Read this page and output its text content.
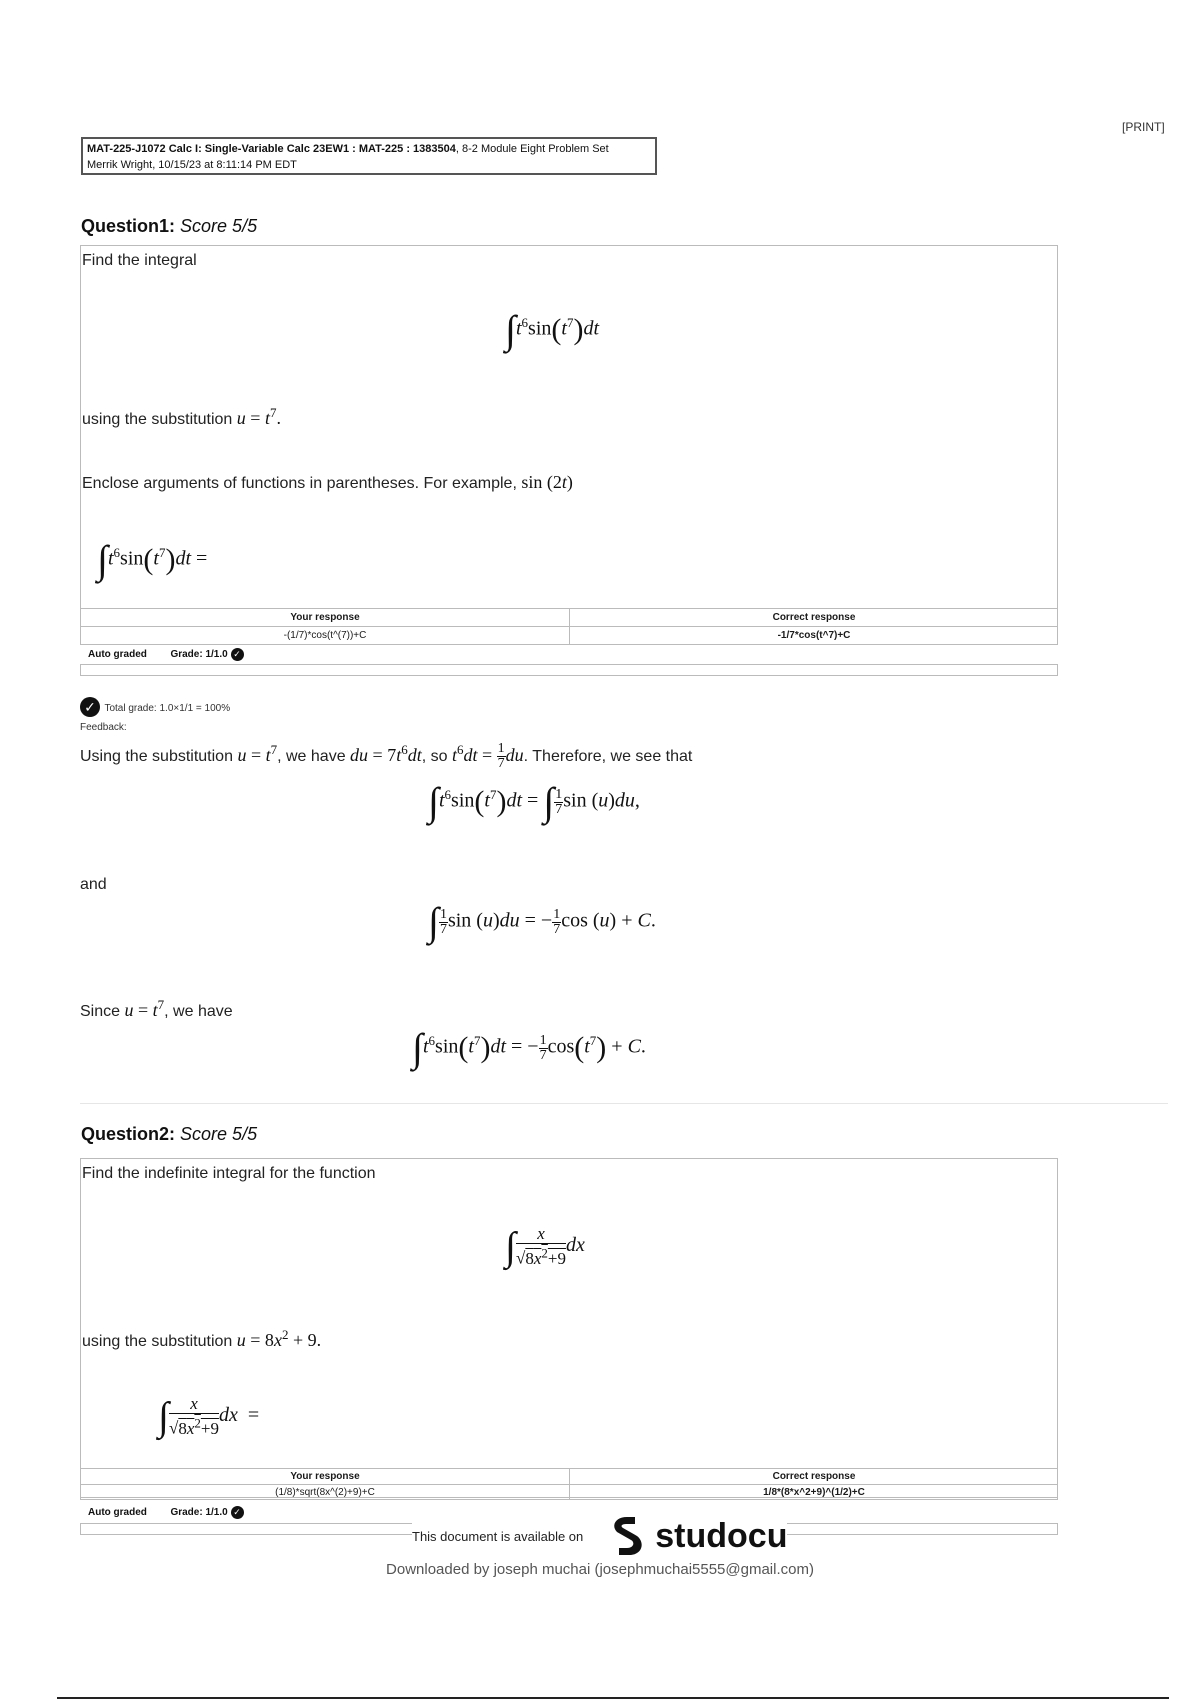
[PRINT]
MAT-225-J1072 Calc I: Single-Variable Calc 23EW1 : MAT-225 : 1383504, 8-2 Module Eight Problem Set
Merrik Wright, 10/15/23 at 8:11:14 PM EDT
Question1: Score 5/5
Find the integral
$\int t^6\sin(t^7)dt$
using the substitution $u = t^7$.
Enclose arguments of functions in parentheses. For example, sin (2t)
$\int t^6\sin(t^7)dt$ =
Your response	Correct response
-(1/7)*cos(t^(7))+C	-1/7*cos(t^7)+C
Auto graded Grade: 1/1.0 ✓
✓ Total grade: 1.0×1/1 = 100%
Feedback:
Using the substitution $u = t^7$, we have du = $7t^6dt$, so $t^6dt = \frac{1}{7}$ du. Therefore, we see that
$\int t^6\sin(t^7)dt$ = ∫ $\frac{1}{7}$ sin (u)du,
and
∫ $\frac{1}{7}$ sin (u)du = − $\frac{1}{7}$ cos (u) + C.
Since $u = t^7$, we have
$\int t^6\sin(t^7)dt$ = − $\frac{1}{7} \cos(t^7) + C$.
Question2: Score 5/5
Find the indefinite integral for the function
∫ $\frac{x}{√8x^2+9}$ dx
using the substitution $u = 8x^2 + 9$.
∫ $\frac{x}{√8x^2+9}$ dx  =
Your response	Correct response
(1/8)*sqrt(8x^(2)+9)+C	1/8*(8*x^2+9)^(1/2)+C
Auto graded Grade: 1/1.0 ✓
This document is available on studocu
Downloaded by joseph muchai (josephmuchai5555@gmail.com)
